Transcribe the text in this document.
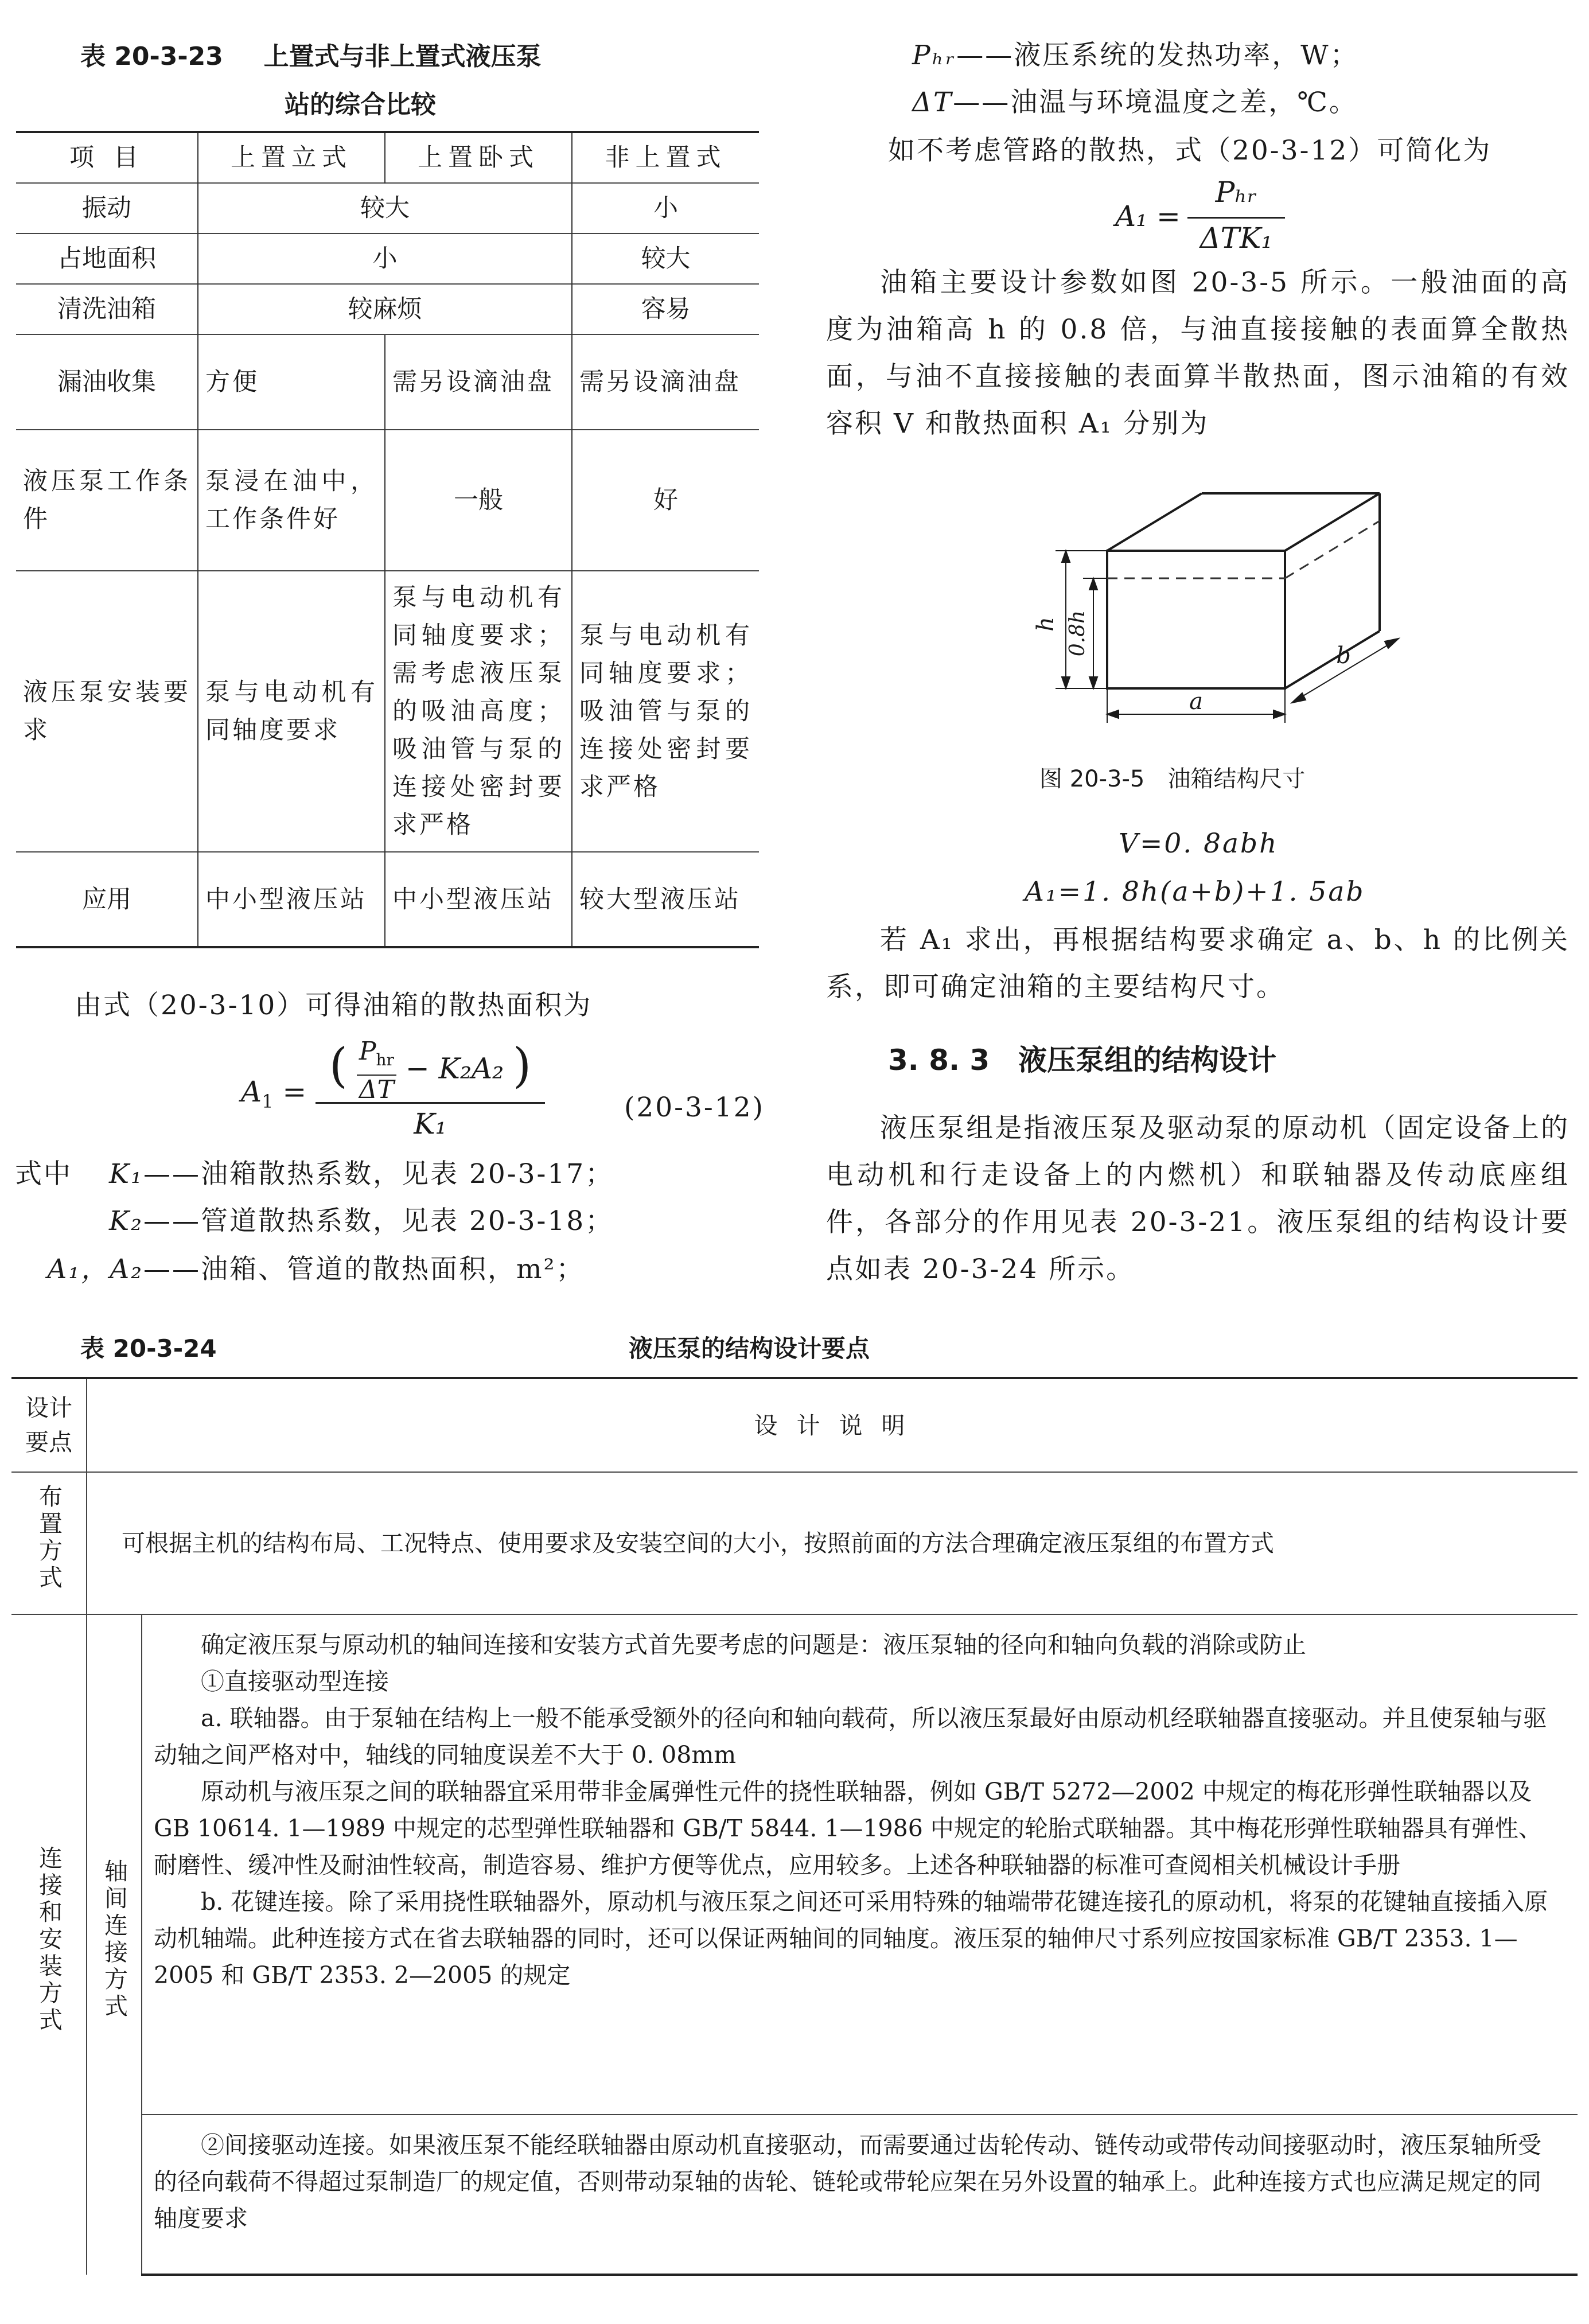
表 20-3-23 上置式与非上置式液压泵
站的综合比较
项 目	上置立式	上置卧式	非上置式
振动	较大		小
占地面积	小		较大
清洗油箱	较麻烦		容易
漏油收集	方便	需另设滴油盘	需另设滴油盘
液压泵工作条件	泵浸在油中，工作条件好	一般	好
液压泵安装要求	泵与电动机有同轴度要求	泵与电动机有同轴度要求；需考虑液压泵的吸油高度；吸油管与泵的连接处密封要求严格	泵与电动机有同轴度要求；吸油管与泵的连接处密封要求严格
应用	中小型液压站	中小型液压站	较大型液压站
由式（20-3-10）可得油箱的散热面积为
$A_1$ = ( $P_{hr}$
ΔT − K₂A₂ )
K₁	(20-3-12)
式中 K₁ ——油箱散热系数，见表 20-3-17；
K₂ ——管道散热系数，见表 20-3-18；
A₁，A₂ ——油箱、管道的散热面积，m²；
Pₕᵣ——液压系统的发热功率，W；
ΔT——油温与环境温度之差，℃。
如不考虑管路的散热，式（20-3-12）可简化为
A₁ =
Pₕᵣ
ΔTK₁
油箱主要设计参数如图 20-3-5 所示。一般油面的高度为油箱高 h 的 0.8 倍，与油直接接触的表面算全散热面，与油不直接接触的表面算半散热面，图示油箱的有效容积 V 和散热面积 A₁ 分别为
h 0.8h
a
b
图 20-3-5　油箱结构尺寸
V=0. 8abh
A₁=1. 8h(a+b)+1. 5ab
若 A₁ 求出，再根据结构要求确定 a、b、h 的比例关系，即可确定油箱的主要结构尺寸。
3. 8. 3　液压泵组的结构设计
液压泵组是指液压泵及驱动泵的原动机（固定设备上的电动机和行走设备上的内燃机）和联轴器及传动底座组件，各部分的作用见表 20-3-21。液压泵组的结构设计要点如表 20-3-24 所示。
表 20-3-24	液压泵的结构设计要点
设计要点	设 计 说 明	
布置方式	可根据主机的结构布局、工况特点、使用要求及安装空间的大小，按照前面的方法合理确定液压泵组的布置方式	
连接和安装方式	轴间连接方式	确定液压泵与原动机的轴间连接和安装方式首先要考虑的问题是：液压泵轴的径向和轴向负载的消除或防止
①直接驱动型连接
a. 联轴器。由于泵轴在结构上一般不能承受额外的径向和轴向载荷，所以液压泵最好由原动机经联轴器直接驱动。并且使泵轴与驱动轴之间严格对中，轴线的同轴度误差不大于 0. 08mm
原动机与液压泵之间的联轴器宜采用带非金属弹性元件的挠性联轴器，例如 GB/T 5272—2002 中规定的梅花形弹性联轴器以及 GB 10614. 1—1989 中规定的芯型弹性联轴器和 GB/T 5844. 1—1986 中规定的轮胎式联轴器。其中梅花形弹性联轴器具有弹性、耐磨性、缓冲性及耐油性较高，制造容易、维护方便等优点，应用较多。上述各种联轴器的标准可查阅相关机械设计手册
b. 花键连接。除了采用挠性联轴器外，原动机与液压泵之间还可采用特殊的轴端带花键连接孔的原动机，将泵的花键轴直接插入原动机轴端。此种连接方式在省去联轴器的同时，还可以保证两轴间的同轴度。液压泵的轴伸尺寸系列应按国家标准 GB/T 2353. 1—2005 和 GB/T 2353. 2—2005 的规定

		②间接驱动连接。如果液压泵不能经联轴器由原动机直接驱动，而需要通过齿轮传动、链传动或带传动间接驱动时，液压泵轴所受的径向载荷不得超过泵制造厂的规定值，否则带动泵轴的齿轮、链轮或带轮应架在另外设置的轴承上。此种连接方式也应满足规定的同轴度要求
